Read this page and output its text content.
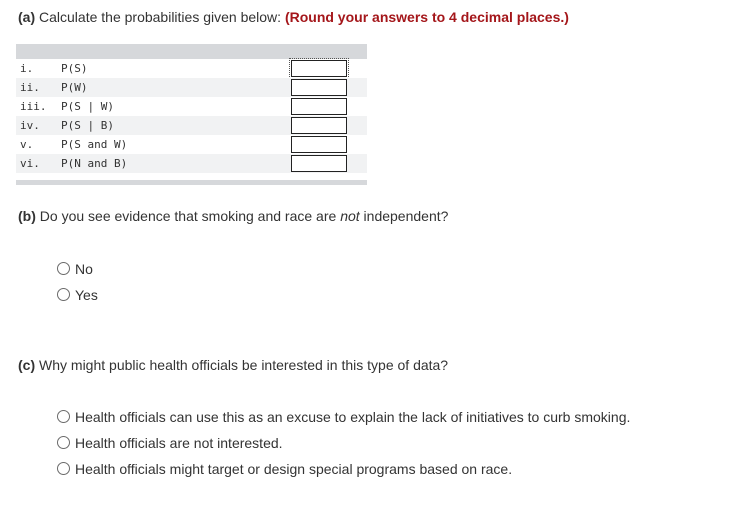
(a) Calculate the probabilities given below: (Round your answers to 4 decimal places.)
i.	P(S)
ii. P(W)
iii. P(S | W)
iv. P(S | B)
v.	P(S and W)
vi. P(N and B)
(b) Do you see evidence that smoking and race are not independent?
No
Yes
(c) Why might public health officials be interested in this type of data?
Health officials can use this as an excuse to explain the lack of initiatives to curb smoking.
Health officials are not interested.
Health officials might target or design special programs based on race.
